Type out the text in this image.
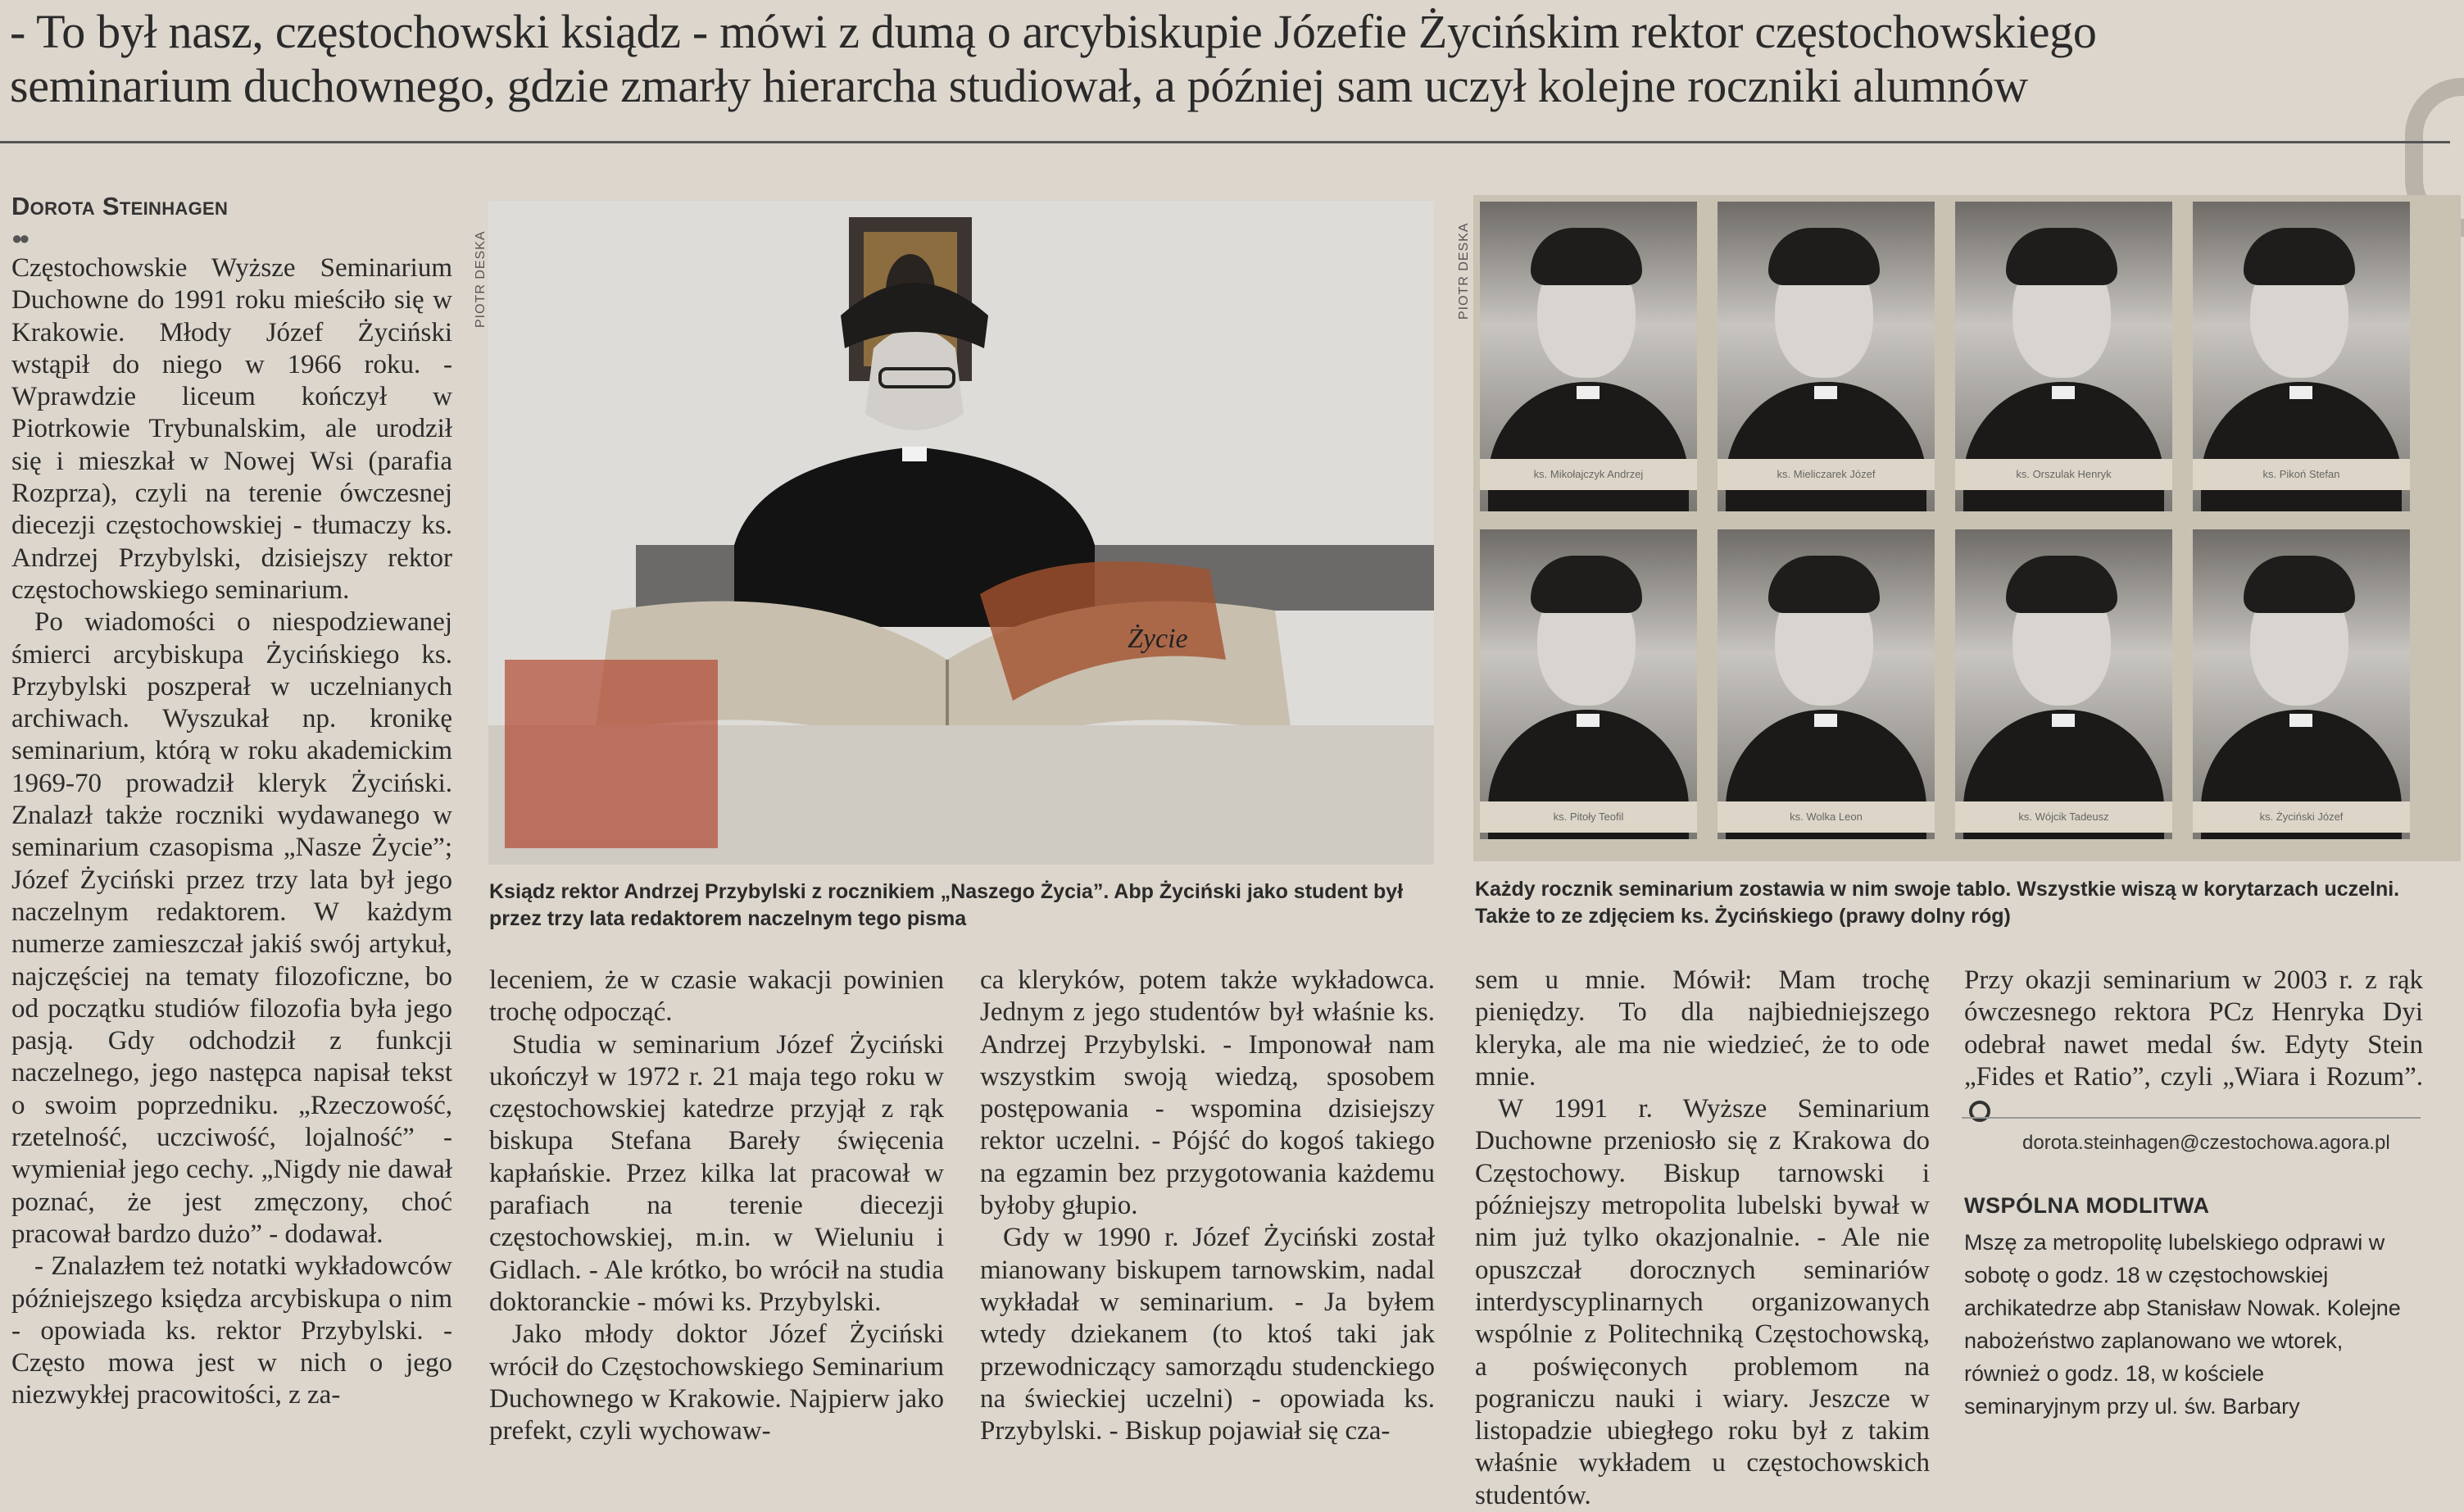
- To był nasz, częstochowski ksiądz - mówi z dumą o arcybiskupie Józefie Życińskim rektor częstochowskiego
seminarium duchownego, gdzie zmarły hierarcha studiował, a później sam uczył kolejne roczniki alumnów
Dorota Steinhagen
●●

Częstochowskie Wyższe Seminarium Duchowne do 1991 roku mieściło się w Krakowie. Młody Józef Życiński wstąpił do niego w 1966 roku. - Wprawdzie liceum kończył w Piotrkowie Trybunalskim, ale urodził się i mieszkał w Nowej Wsi (parafia Rozprza), czyli na terenie ówczesnej diecezji częstochowskiej - tłumaczy ks. Andrzej Przybylski, dzisiejszy rektor częstochowskiego seminarium.

Po wiadomości o niespodziewanej śmierci arcybiskupa Życińskiego ks. Przybylski poszperał w uczelnianych archiwach. Wyszukał np. kronikę seminarium, którą w roku akademickim 1969-70 prowadził kleryk Życiński. Znalazł także roczniki wydawanego w seminarium czasopisma „Nasze Życie”; Józef Życiński przez trzy lata był jego naczelnym redaktorem. W każdym numerze zamieszczał jakiś swój artykuł, najczęściej na tematy filozoficzne, bo od początku studiów filozofia była jego pasją. Gdy odchodził z funkcji naczelnego, jego następca napisał tekst o swoim poprzedniku. „Rzeczowość, rzetelność, uczciwość, lojalność” - wymieniał jego cechy. „Nigdy nie dawał poznać, że jest zmęczony, choć pracował bardzo dużo” - dodawał.

- Znalazłem też notatki wykładowców późniejszego księdza arcybiskupa o nim - opowiada ks. rektor Przybylski. - Często mowa jest w nich o jego niezwykłej pracowitości, z za-

PIOTR DESKA
Życie
Ksiądz rektor Andrzej Przybylski z rocznikiem „Naszego Życia”. Abp Życiński jako student był przez trzy lata redaktorem naczelnym tego pisma
PIOTR DESKA
ks. Mikołajczyk Andrzej	ks. Mieliczarek Józef	ks. Orszulak Henryk	ks. Pikoń Stefan
ks. Pitoły Teofil	ks. Wolka Leon	ks. Wójcik Tadeusz	ks. Życiński Józef
Każdy rocznik seminarium zostawia w nim swoje tablo. Wszystkie wiszą w korytarzach uczelni. Także to ze zdjęciem ks. Życińskiego (prawy dolny róg)

leceniem, że w czasie wakacji powinien trochę odpocząć.

Studia w seminarium Józef Życiński ukończył w 1972 r. 21 maja tego roku w częstochowskiej katedrze przyjął z rąk biskupa Stefana Bareły święcenia kapłańskie. Przez kilka lat pracował w parafiach na terenie diecezji częstochowskiej, m.in. w Wieluniu i Gidlach. - Ale krótko, bo wrócił na studia doktoranckie - mówi ks. Przybylski.

Jako młody doktor Józef Życiński wrócił do Częstochowskiego Seminarium Duchownego w Krakowie. Najpierw jako prefekt, czyli wychowaw-

ca kleryków, potem także wykładowca. Jednym z jego studentów był właśnie ks. Andrzej Przybylski. - Imponował nam wszystkim swoją wiedzą, sposobem postępowania - wspomina dzisiejszy rektor uczelni. - Pójść do kogoś takiego na egzamin bez przygotowania każdemu byłoby głupio.

Gdy w 1990 r. Józef Życiński został mianowany biskupem tarnowskim, nadal wykładał w seminarium. - Ja byłem wtedy dziekanem (to ktoś taki jak przewodniczący samorządu studenckiego na świeckiej uczelni) - opowiada ks. Przybylski. - Biskup pojawiał się cza-

sem u mnie. Mówił: Mam trochę pieniędzy. To dla najbiedniejszego kleryka, ale ma nie wiedzieć, że to ode mnie.

W 1991 r. Wyższe Seminarium Duchowne przeniosło się z Krakowa do Częstochowy. Biskup tarnowski i późniejszy metropolita lubelski bywał w nim już tylko okazjonalnie. - Ale nie opuszczał dorocznych seminariów interdyscyplinarnych organizowanych wspólnie z Politechniką Częstochowską, a poświęconych problemom na pograniczu nauki i wiary. Jeszcze w listopadzie ubiegłego roku był z takim właśnie wykładem u częstochowskich studentów.

Przy okazji seminarium w 2003 r. z rąk ówczesnego rektora PCz Henryka Dyi odebrał nawet medal św. Edyty Stein „Fides et Ratio”, czyli „Wiara i Rozum”.

dorota.steinhagen@czestochowa.agora.pl
WSPÓLNA MODLITWA
Mszę za metropolitę lubelskiego odprawi w sobotę o godz. 18 w częstochowskiej archikatedrze abp Stanisław Nowak. Kolejne nabożeństwo zaplanowano we wtorek, również o godz. 18, w kościele seminaryjnym przy ul. św. Barbary
